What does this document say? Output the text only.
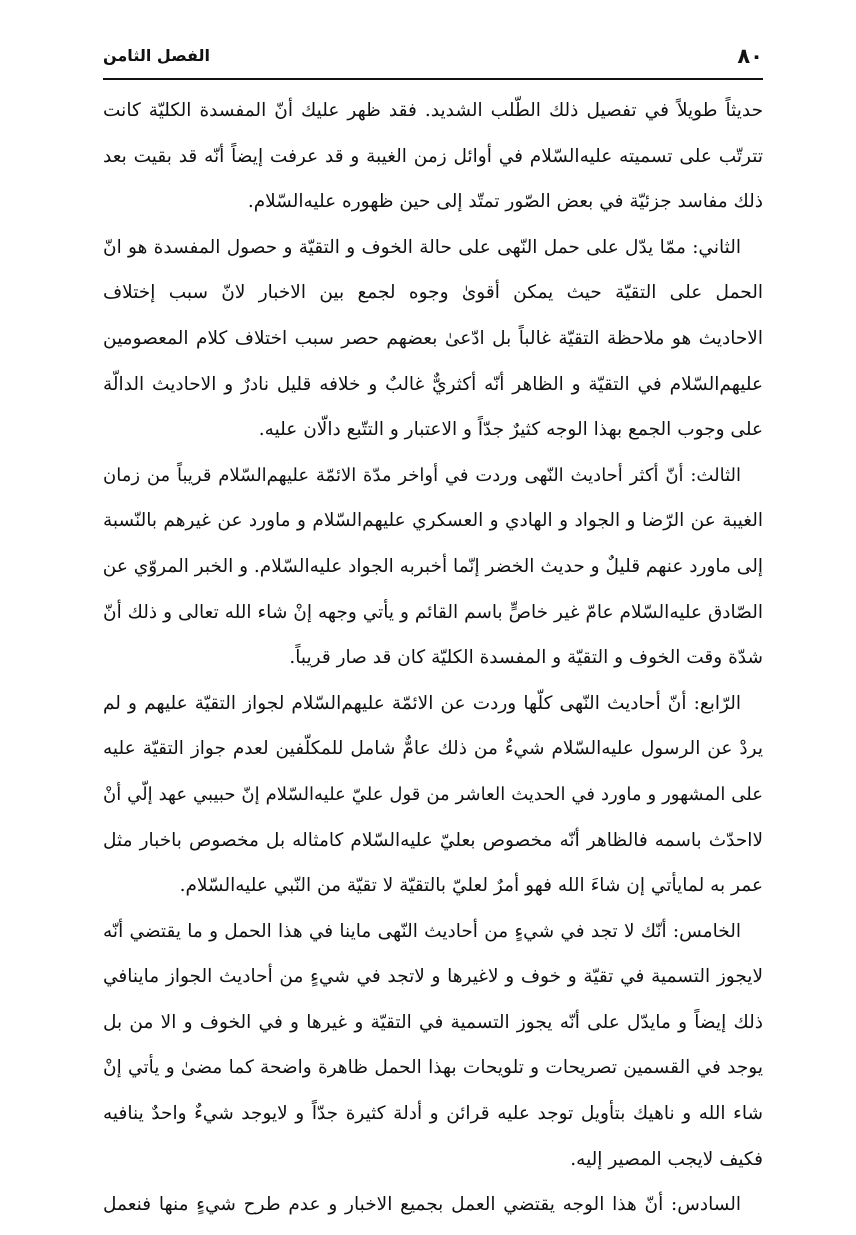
٨٠
الفصل الثامن
حديثاً طويلاً في تفصيل ذلك الطّلب الشديد. فقد ظهر عليك أنّ المفسدة الكليّة كانت
تترتّب على تسميته عليه‌السّلام في أوائل زمن الغيبة و قد عرفت إيضاً أنّه قد بقيت بعد
ذلك مفاسد جزئيّة في بعض الصّور تمتّد إلى حين ظهوره عليه‌السّلام.
الثاني: ممّا يدّل على حمل النّهى على حالة الخوف و التقيّة و حصول المفسدة هو انّ
الحمل على التقيّة حيث يمكن أقوىٰ وجوه لجمع بين الاخبار لانّ سبب إختلاف
الاحاديث هو ملاحظة التقيّة غالباً بل ادّعىٰ بعضهم حصر سبب اختلاف كلام المعصومين
عليهم‌السّلام في التقيّة و الظاهر أنّه أكثريٌّ غالبٌ و خلافه قليل نادرٌ و الاحاديث الدالّة
على وجوب الجمع بهذا الوجه كثيرٌ جدّاً و الاعتبار و التتّبع دالّان عليه.
الثالث: أنّ أكثر أحاديث النّهى وردت في أواخر مدّة الائمّة عليهم‌السّلام قريباً من زمان
الغيبة عن الرّضا و الجواد و الهادي و العسكري عليهم‌السّلام و ماورد عن غيرهم بالنّسبة
إلى ماورد عنهم قليلٌ و حديث الخضر إنّما أخبربه الجواد عليه‌السّلام. و الخبر المروّي عن
الصّادق عليه‌السّلام عامّ غير خاصٍّ باسم القائم و يأتي وجهه إنْ شاء الله تعالى و ذلك أنّ
شدّة وقت الخوف و التقيّة و المفسدة الكليّة كان قد صار قريباً.
الرّابع: أنّ أحاديث النّهى كلّها وردت عن الائمّة عليهم‌السّلام لجواز التقيّة عليهم و لم
يردْ عن الرسول عليه‌السّلام شيءٌ من ذلك عامٌّ شامل للمكلّفين لعدم جواز التقيّة عليه
على المشهور و ماورد في الحديث العاشر من قول عليّ عليه‌السّلام إنّ حبيبي عهد إلّي أنْ
لااحدّث باسمه فالظاهر أنّه مخصوص بعليّ عليه‌السّلام كامثاله بل مخصوص باخبار مثل
عمر به لمايأتي إن شاءَ الله فهو أمرٌ لعليّ بالتقيّة لا تقيّة من النّبي عليه‌السّلام.
الخامس: أنّك لا تجد في شيءٍ من أحاديث النّهى ماينا في هذا الحمل و ما يقتضي أنّه
لايجوز التسمية في تقيّة و خوف و لاغيرها و لاتجد في شيءٍ من أحاديث الجواز ماينافي
ذلك إيضاً و مايدّل على أنّه يجوز التسمية في التقيّة و غيرها و في الخوف و الا من بل
يوجد في القسمين تصريحات و تلويحات بهذا الحمل ظاهرة واضحة كما مضىٰ و يأتي إنْ
شاء الله و ناهيك بتأويل توجد عليه قرائن و أدلة كثيرة جدّاً و لايوجد شيءٌ واحدٌ ينافيه
فكيف لايجب المصير إليه.
السادس: أنّ هذا الوجه يقتضي العمل بجميع الاخبار و عدم طرح شيءٍ منها فنعمل
